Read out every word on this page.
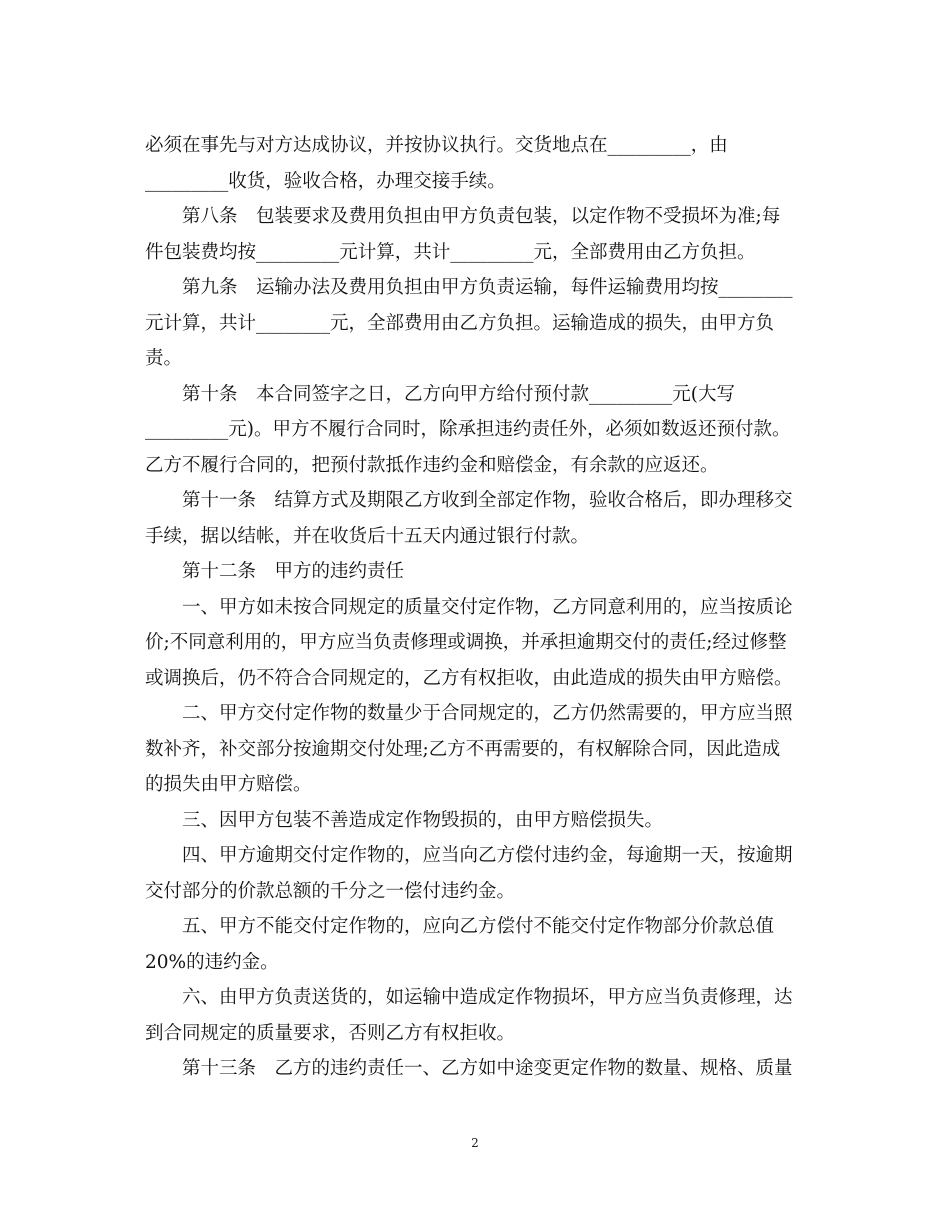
必须在事先与对方达成协议，并按协议执行。交货地点在_________，由
_________收货，验收合格，办理交接手续。

第八条　包装要求及费用负担由甲方负责包装，以定作物不受损坏为准;每
件包装费均按_________元计算，共计_________元，全部费用由乙方负担。

第九条　运输办法及费用负担由甲方负责运输，每件运输费用均按________
元计算，共计________元，全部费用由乙方负担。运输造成的损失，由甲方负
责。

第十条　本合同签字之日，乙方向甲方给付预付款_________元(大写
_________元)。甲方不履行合同时，除承担违约责任外，必须如数返还预付款。
乙方不履行合同的，把预付款抵作违约金和赔偿金，有余款的应返还。

第十一条　结算方式及期限乙方收到全部定作物，验收合格后，即办理移交
手续，据以结帐，并在收货后十五天内通过银行付款。

第十二条　甲方的违约责任

一、甲方如未按合同规定的质量交付定作物，乙方同意利用的，应当按质论
价;不同意利用的，甲方应当负责修理或调换，并承担逾期交付的责任;经过修整
或调换后，仍不符合合同规定的，乙方有权拒收，由此造成的损失由甲方赔偿。

二、甲方交付定作物的数量少于合同规定的，乙方仍然需要的，甲方应当照
数补齐，补交部分按逾期交付处理;乙方不再需要的，有权解除合同，因此造成
的损失由甲方赔偿。

三、因甲方包装不善造成定作物毁损的，由甲方赔偿损失。

四、甲方逾期交付定作物的，应当向乙方偿付违约金，每逾期一天，按逾期
交付部分的价款总额的千分之一偿付违约金。

五、甲方不能交付定作物的，应向乙方偿付不能交付定作物部分价款总值
20%的违约金。

六、由甲方负责送货的，如运输中造成定作物损坏，甲方应当负责修理，达
到合同规定的质量要求，否则乙方有权拒收。

第十三条　乙方的违约责任一、乙方如中途变更定作物的数量、规格、质量

2
